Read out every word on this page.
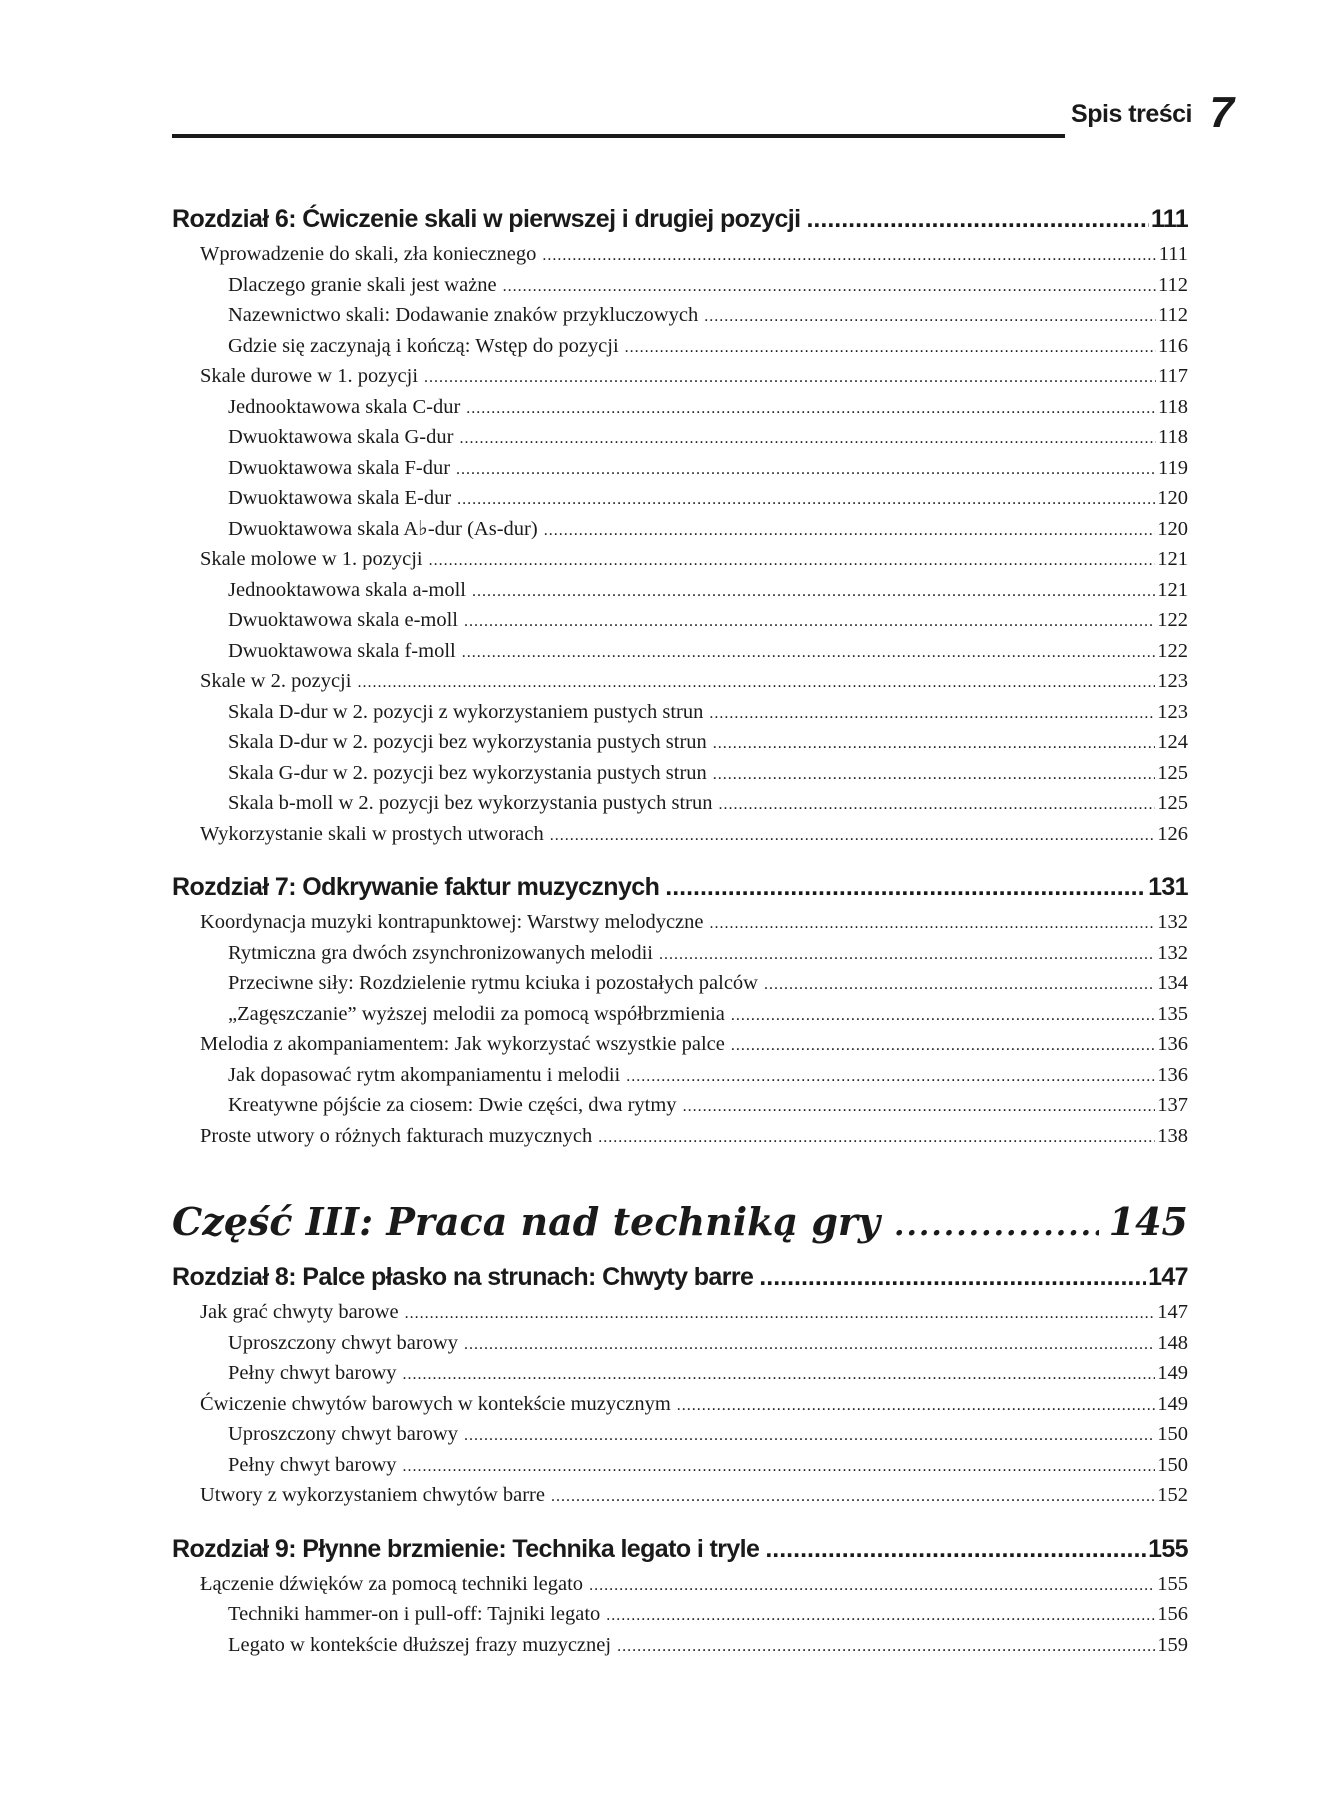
Spis treści 7
Rozdział 6: Ćwiczenie skali w pierwszej i drugiej pozycji .....	111
Wprowadzenie do skali, zła koniecznego .....	111
Dlaczego granie skali jest ważne .....	112
Nazewnictwo skali: Dodawanie znaków przykluczowych .....	112
Gdzie się zaczynają i kończą: Wstęp do pozycji .....	116
Skale durowe w 1. pozycji .....	117
Jednooktawowa skala C-dur .....	118
Dwuoktawowa skala G-dur .....	118
Dwuoktawowa skala F-dur .....	119
Dwuoktawowa skala E-dur .....	120
Dwuoktawowa skala A♭-dur (As-dur) .....	120
Skale molowe w 1. pozycji .....	121
Jednooktawowa skala a-moll .....	121
Dwuoktawowa skala e-moll .....	122
Dwuoktawowa skala f-moll .....	122
Skale w 2. pozycji .....	123
Skala D-dur w 2. pozycji z wykorzystaniem pustych strun .....	123
Skala D-dur w 2. pozycji bez wykorzystania pustych strun .....	124
Skala G-dur w 2. pozycji bez wykorzystania pustych strun .....	125
Skala b-moll w 2. pozycji bez wykorzystania pustych strun .....	125
Wykorzystanie skali w prostych utworach .....	126
Rozdział 7: Odkrywanie faktur muzycznych .....	131
Koordynacja muzyki kontrapunktowej: Warstwy melodyczne .....	132
Rytmiczna gra dwóch zsynchronizowanych melodii .....	132
Przeciwne siły: Rozdzielenie rytmu kciuka i pozostałych palców .....	134
„Zagęszczanie” wyższej melodii za pomocą współbrzmienia .....	135
Melodia z akompaniamentem: Jak wykorzystać wszystkie palce .....	136
Jak dopasować rytm akompaniamentu i melodii .....	136
Kreatywne pójście za ciosem: Dwie części, dwa rytmy .....	137
Proste utwory o różnych fakturach muzycznych .....	138
Część III: Praca nad techniką gry .....	145
Rozdział 8: Palce płasko na strunach: Chwyty barre .....	147
Jak grać chwyty barowe .....	147
Uproszczony chwyt barowy .....	148
Pełny chwyt barowy .....	149
Ćwiczenie chwytów barowych w kontekście muzycznym .....	149
Uproszczony chwyt barowy .....	150
Pełny chwyt barowy .....	150
Utwory z wykorzystaniem chwytów barre .....	152
Rozdział 9: Płynne brzmienie: Technika legato i tryle .....	155
Łączenie dźwięków za pomocą techniki legato .....	155
Techniki hammer-on i pull-off: Tajniki legato .....	156
Legato w kontekście dłuższej frazy muzycznej .....	159
